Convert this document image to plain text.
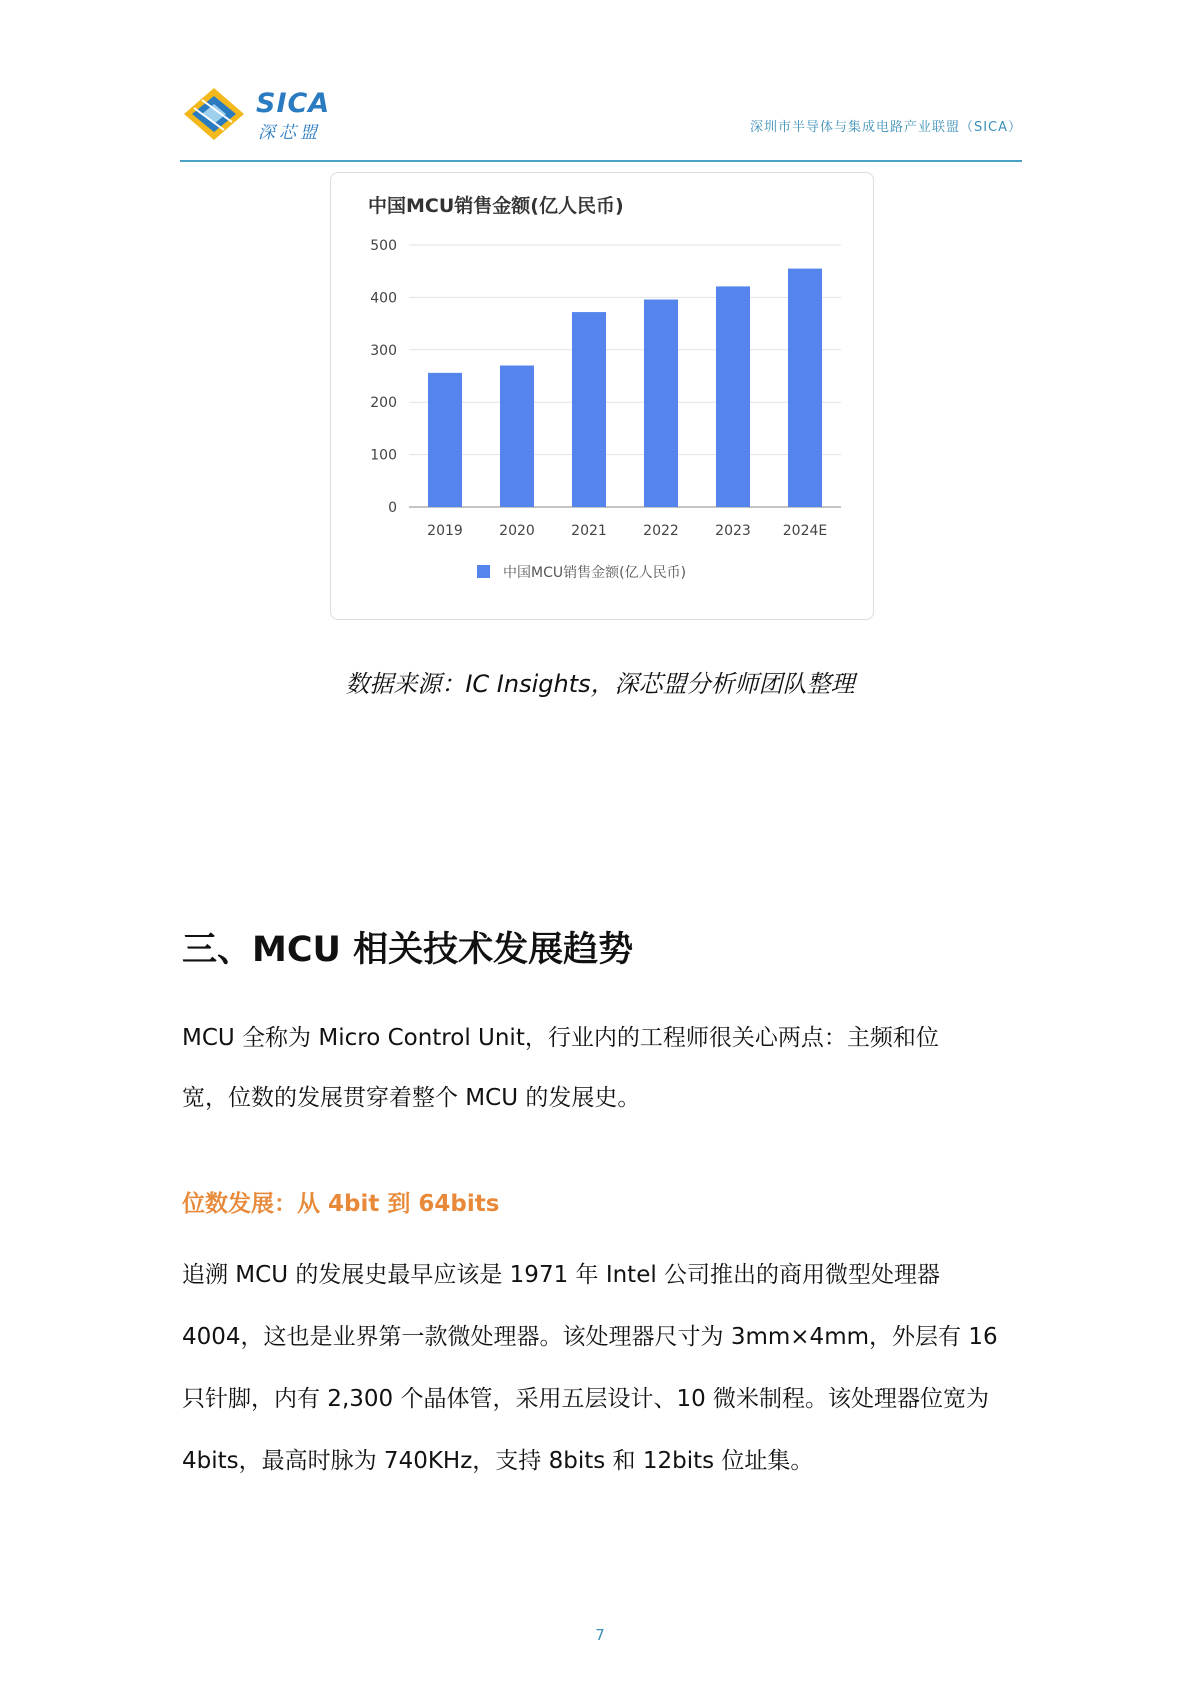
SICA
深芯盟	深圳市半导体与集成电路产业联盟（SICA）
0
100
200
300
400
500
2019	2020	2021	2022	2023 2024E
中国MCU销售金额(亿人民币)
中国MCU销售金额(亿人民币)
数据来源：IC Insights，深芯盟分析师团队整理
三、MCU 相关技术发展趋势
MCU 全称为 Micro Control Unit，行业内的工程师很关心两点：主频和位
宽，位数的发展贯穿着整个 MCU 的发展史。
位数发展：从 4bit 到 64bits
追溯 MCU 的发展史最早应该是 1971 年 Intel 公司推出的商用微型处理器
4004，这也是业界第一款微处理器。该处理器尺寸为 3mm×4mm，外层有 16
只针脚，内有 2,300 个晶体管，采用五层设计、10 微米制程。该处理器位宽为
4bits，最高时脉为 740KHz，支持 8bits 和 12bits 位址集。
7
